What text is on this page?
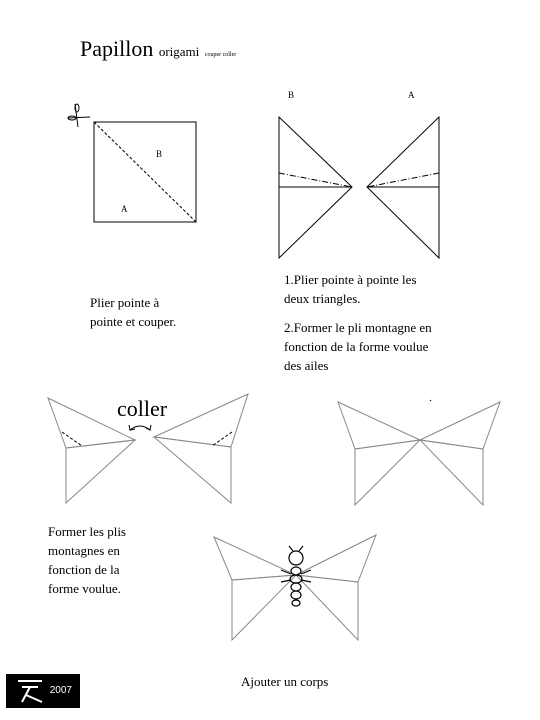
Papillon origami couper coller
B
A
B	A
Plier pointe à
pointe et couper.
1.Plier pointe à pointe les
deux triangles.
2.Former le pli montagne en
fonction de la forme voulue
des ailes
coller
Former les plis
montagnes en
fonction de la
forme voulue.
Ajouter un corps
2007
